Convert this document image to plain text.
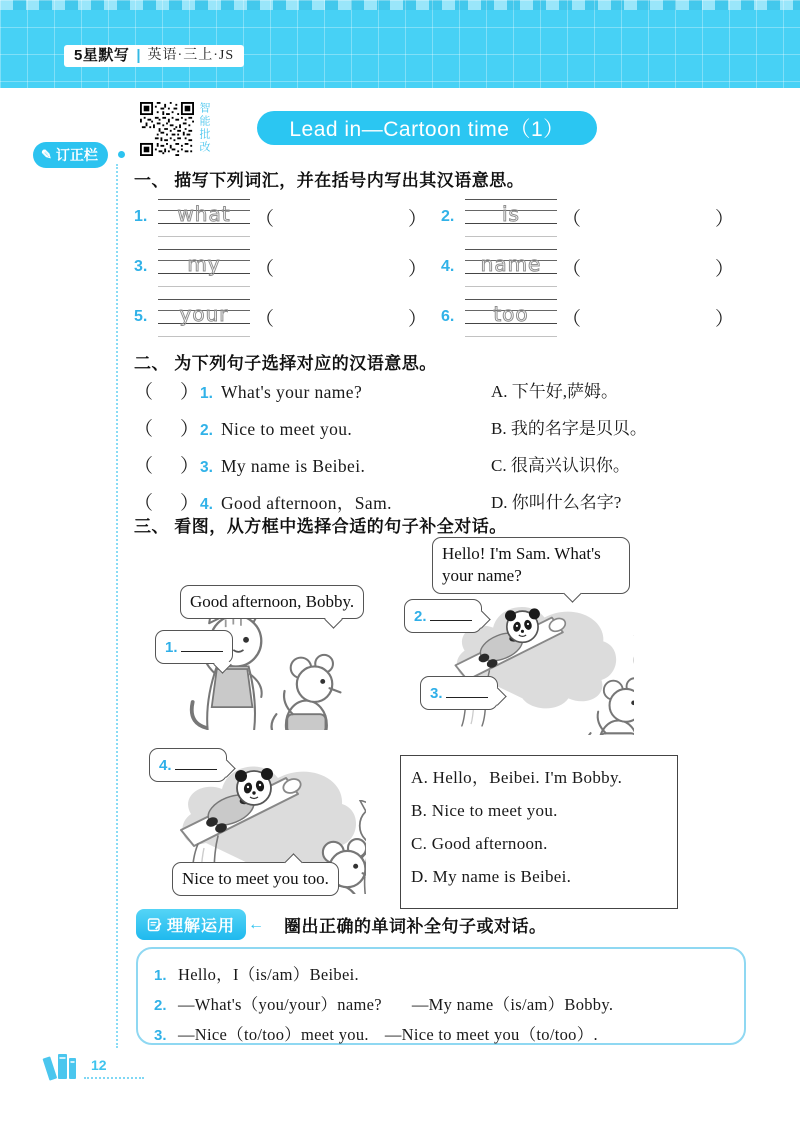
5星默写 | 英语·三上·JS
智能批改	Lead in—Cartoon time（1）
✎ 订正栏
一、 描写下列词汇，并在括号内写出其汉语意思。
1.	what	（	） 2.	is	（	）
3.	my	（	） 4.	name	（	）
5.	your	（	） 6.	too	（	）
二、 为下列句子选择对应的汉语意思。
（ ） 1. What's your name?	A. 下午好,萨姆。
（ ） 2. Nice to meet you.	B. 我的名字是贝贝。
（ ） 3. My name is Beibei.	C. 很高兴认识你。
（ ） 4. Good afternoon，Sam.	D. 你叫什么名字?
三、 看图，从方框中选择合适的句子补全对话。
Good afternoon, Bobby.
1.
Hello! I'm Sam. What's your name?
2.
3.
4.
Nice to meet you too.
A. Hello，Beibei. I'm Bobby.
B. Nice to meet you.
C. Good afternoon.
D. My name is Beibei.
理解运用 ← 圈出正确的单词补全句子或对话。
1. Hello，I（is/am）Beibei.
2. —What's（you/your）name? —My name（is/am）Bobby.
3. —Nice（to/too）meet you. —Nice to meet you（to/too）.
12
